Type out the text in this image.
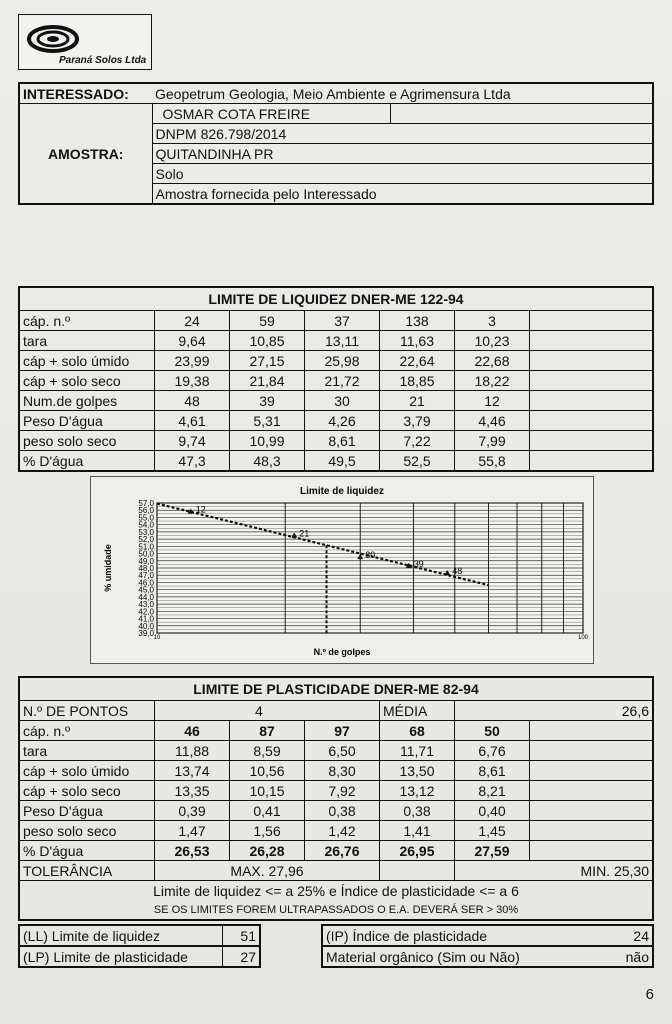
Paraná Solos Ltda
INTERESSADO:	Geopetrum Geologia, Meio Ambiente e Agrimensura Ltda	
AMOSTRA:	OSMAR COTA FREIRE	
	DNPM 826.798/2014	
	QUITANDINHA PR	
	Solo	
	Amostra fornecida pelo Interessado	
LIMITE DE LIQUIDEZ DNER-ME 122-94						
cáp. n.º	24	59	37	138	3	
tara	9,64	10,85	13,11	11,63	10,23	
cáp + solo úmido	23,99	27,15	25,98	22,64	22,68	
cáp + solo seco	19,38	21,84	21,72	18,85	18,22	
Num.de golpes	48	39	30	21	12	
Peso D'água	4,61	5,31	4,26	3,79	4,46	
peso solo seco	9,74	10,99	8,61	7,22	7,99	
% D'água	47,3	48,3	49,5	52,5	55,8	
57,0
56,0
55,0
54,0
53,0
52,0
51,0
50,0
49,0
48,0
47,0
46,0
45,0
44,0
43,0
42,0
41,0
40,0
39,0 10	100
Limite de liquidez
N.º de golpes
% umidade
12
21
30
39
48
LIMITE DE PLASTICIDADE DNER-ME 82-94						
N.º DE PONTOS	4			MÉDIA	26,6	
cáp. n.º	46	87	97	68	50	
tara	11,88	8,59	6,50	11,71	6,76	
cáp + solo úmido	13,74	10,56	8,30	13,50	8,61	
cáp + solo seco	13,35	10,15	7,92	13,12	8,21	
Peso D'água	0,39	0,41	0,38	0,38	0,40	
peso solo seco	1,47	1,56	1,42	1,41	1,45	
% D'água	26,53	26,28	26,76	26,95	27,59	
TOLERÂNCIA	MAX. 27,96				MIN. 25,30	
Limite de liquidez <= a 25% e Índice de plasticidade <= a 6						
SE OS LIMITES FOREM ULTRAPASSADOS O E.A. DEVERÁ SER > 30%						
(LL) Limite de liquidez	51		(IP) Índice de plasticidade	24
(LP) Limite de plasticidade	27		Material orgânico (Sim ou Não)	não
6
